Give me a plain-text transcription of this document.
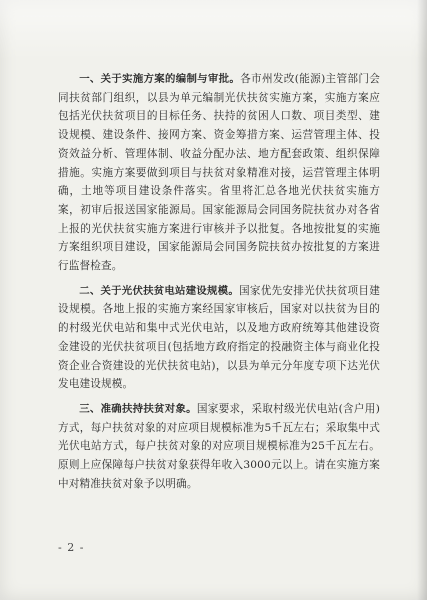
一、关于实施方案的编制与审批。各市州发改(能源)主管部门会同扶贫部门组织，以县为单元编制光伏扶贫实施方案，实施方案应包括光伏扶贫项目的目标任务、扶持的贫困人口数、项目类型、建设规模、建设条件、接网方案、资金筹措方案、运营管理主体、投资效益分析、管理体制、收益分配办法、地方配套政策、组织保障措施。实施方案要做到项目与扶贫对象精准对接，运营管理主体明确，土地等项目建设条件落实。省里将汇总各地光伏扶贫实施方案，初审后报送国家能源局。国家能源局会同国务院扶贫办对各省上报的光伏扶贫实施方案进行审核并予以批复。各地按批复的实施方案组织项目建设，国家能源局会同国务院扶贫办按批复的方案进行监督检查。

二、关于光伏扶贫电站建设规模。国家优先安排光伏扶贫项目建设规模。各地上报的实施方案经国家审核后，国家对以扶贫为目的的村级光伏电站和集中式光伏电站，以及地方政府统筹其他建设资金建设的光伏扶贫项目(包括地方政府指定的投融资主体与商业化投资企业合资建设的光伏扶贫电站)，以县为单元分年度专项下达光伏发电建设规模。

三、准确扶持扶贫对象。国家要求，采取村级光伏电站(含户用)方式，每户扶贫对象的对应项目规模标准为5千瓦左右；采取集中式光伏电站方式，每户扶贫对象的对应项目规模标准为25千瓦左右。原则上应保障每户扶贫对象获得年收入3000元以上。请在实施方案中对精准扶贫对象予以明确。

- 2 -
